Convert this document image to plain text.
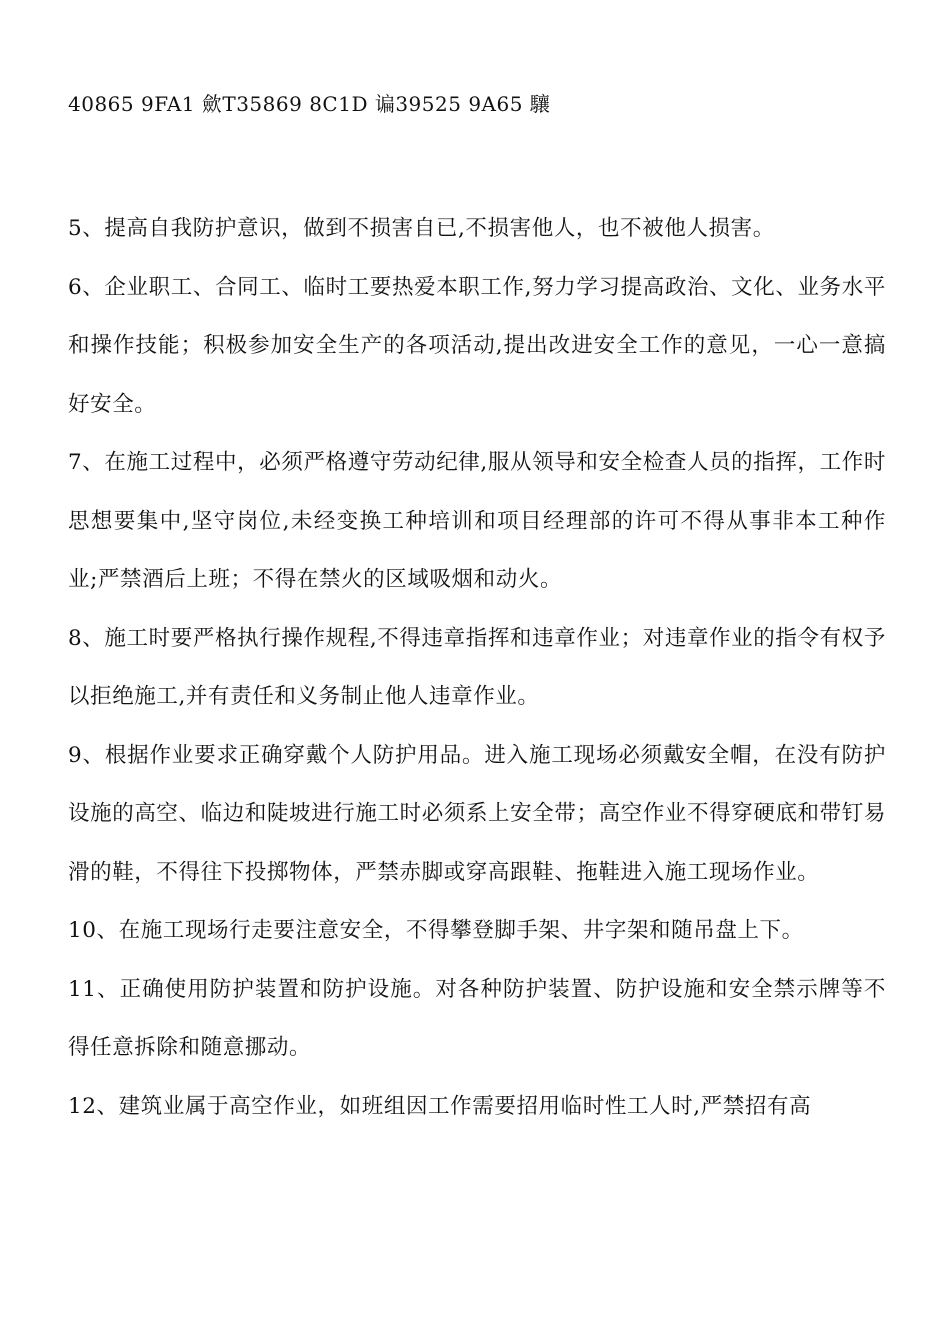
40865 9FA1 歛T35869 8C1D 谝39525 9A65 驤

5、提高自我防护意识，做到不损害自已,不损害他人，也不被他人损害。

6、企业职工、合同工、临时工要热爱本职工作,努力学习提高政治、文化、业务水平和操作技能；积极参加安全生产的各项活动,提出改进安全工作的意见，一心一意搞好安全。

7、在施工过程中，必须严格遵守劳动纪律,服从领导和安全检查人员的指挥，工作时思想要集中,坚守岗位,未经变换工种培训和项目经理部的许可不得从事非本工种作业;严禁酒后上班；不得在禁火的区域吸烟和动火。

8、施工时要严格执行操作规程,不得违章指挥和违章作业；对违章作业的指令有权予以拒绝施工,并有责任和义务制止他人违章作业。

9、根据作业要求正确穿戴个人防护用品。进入施工现场必须戴安全帽，在没有防护设施的高空、临边和陡坡进行施工时必须系上安全带；高空作业不得穿硬底和带钉易滑的鞋，不得往下投掷物体，严禁赤脚或穿高跟鞋、拖鞋进入施工现场作业。

10、在施工现场行走要注意安全，不得攀登脚手架、井字架和随吊盘上下。

11、正确使用防护装置和防护设施。对各种防护装置、防护设施和安全禁示牌等不得任意拆除和随意挪动。

12、建筑业属于高空作业，如班组因工作需要招用临时性工人时,严禁招有高
